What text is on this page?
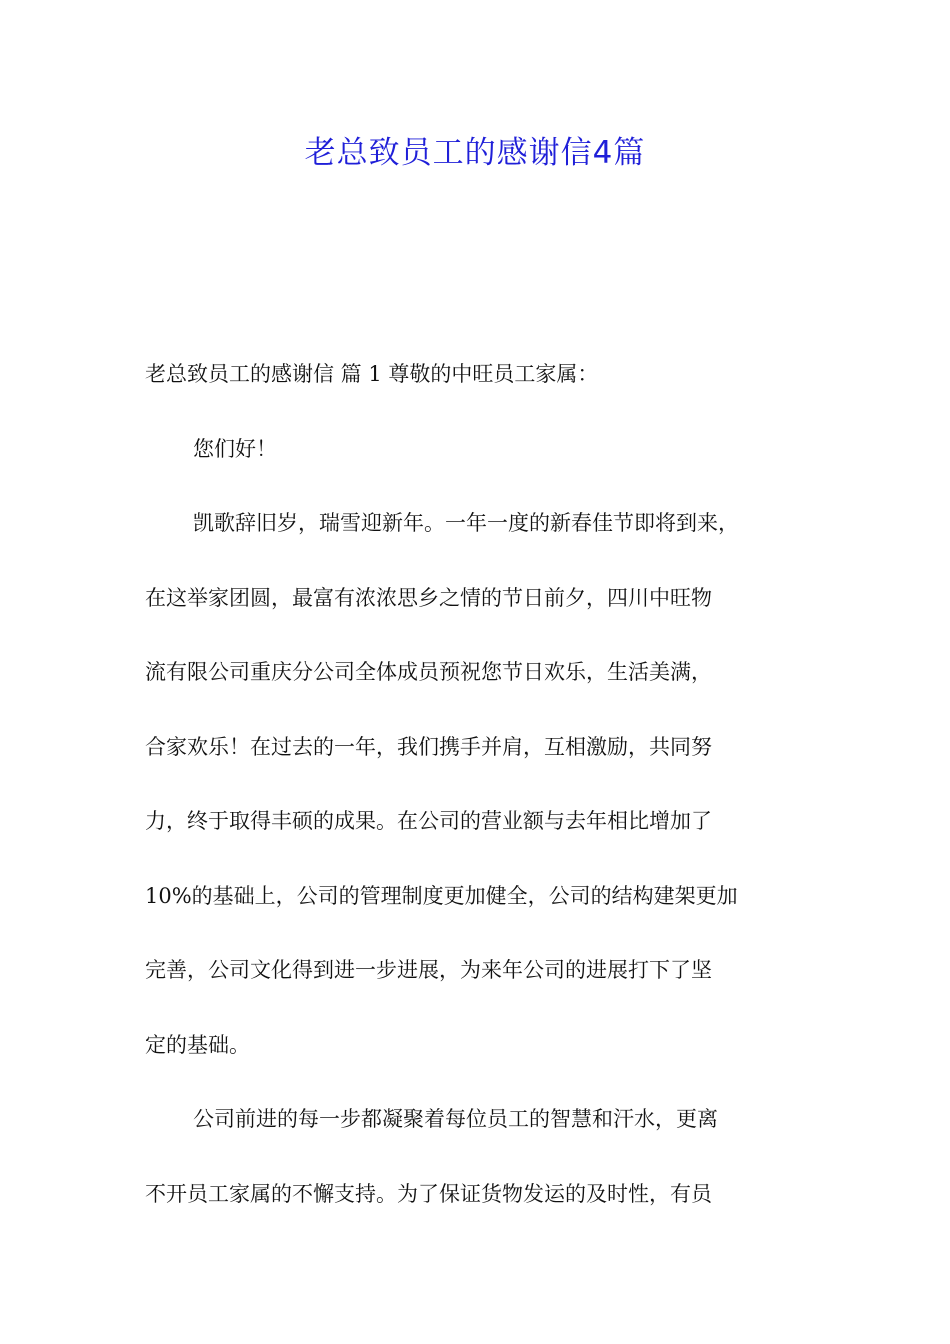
老总致员工的感谢信4篇
老总致员工的感谢信 篇 1 尊敬的中旺员工家属：
您们好！
凯歌辞旧岁，瑞雪迎新年。一年一度的新春佳节即将到来，
在这举家团圆，最富有浓浓思乡之情的节日前夕，四川中旺物
流有限公司重庆分公司全体成员预祝您节日欢乐，生活美满，
合家欢乐！在过去的一年，我们携手并肩，互相激励，共同努
力，终于取得丰硕的成果。在公司的营业额与去年相比增加了
10%的基础上，公司的管理制度更加健全，公司的结构建架更加
完善，公司文化得到进一步进展，为来年公司的进展打下了坚
定的基础。
公司前进的每一步都凝聚着每位员工的智慧和汗水，更离
不开员工家属的不懈支持。为了保证货物发运的及时性，有员
